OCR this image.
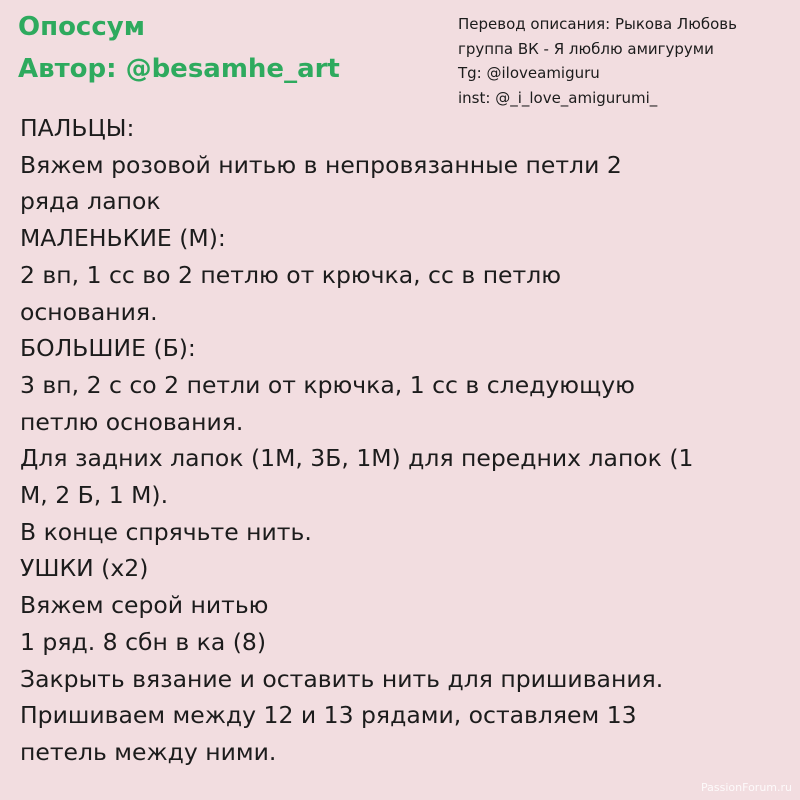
Опоссум
Автор: @besamhe_art
Перевод описания: Рыкова Любовь
группа ВК - Я люблю амигуруми
Tg: @iloveamiguru
inst: @_i_love_amigurumi_
ПАЛЬЦЫ:
Вяжем розовой нитью в непровязанные петли 2
ряда лапок
МАЛЕНЬКИЕ (М):
2 вп, 1 сс во 2 петлю от крючка, сс в петлю
основания.
БОЛЬШИЕ (Б):
3 вп, 2 с со 2 петли от крючка, 1 сс в следующую
петлю основания.
Для задних лапок (1М, 3Б, 1М) для передних лапок (1
М, 2 Б, 1 М).
В конце спрячьте нить.
УШКИ (х2)
Вяжем серой нитью
1 ряд. 8 сбн в ка (8)
Закрыть вязание и оставить нить для пришивания.
Пришиваем между 12 и 13 рядами, оставляем 13
петель между ними.
PassionForum.ru
